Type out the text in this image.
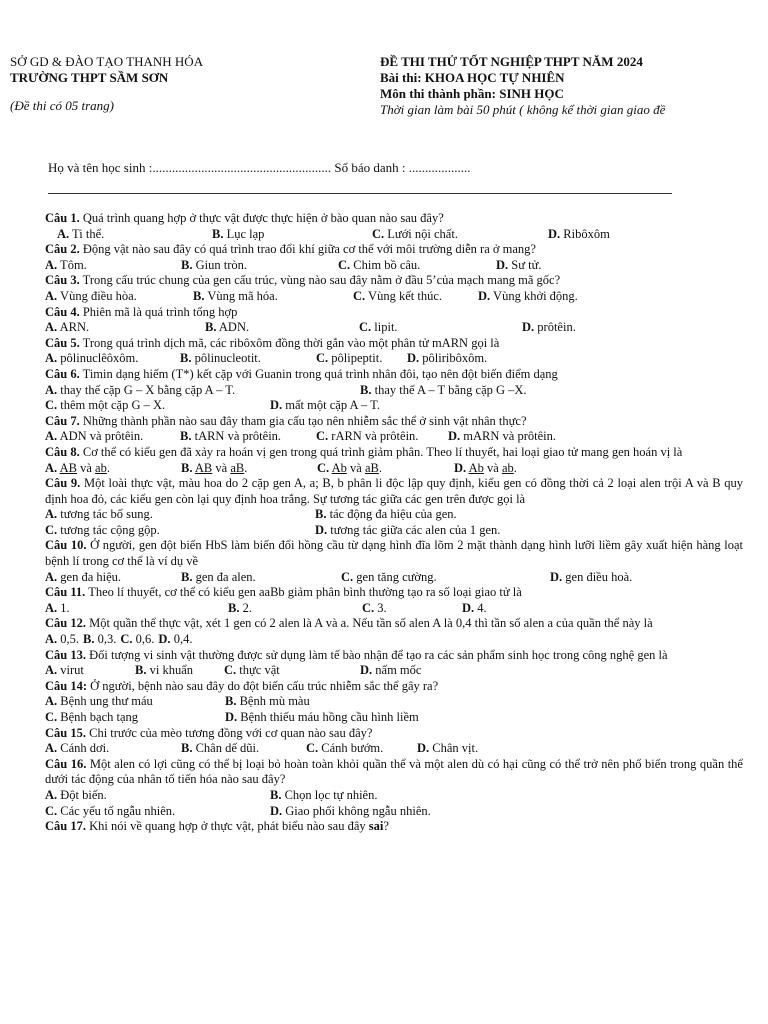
SỞ GD & ĐÀO TẠO THANH HÓA
TRƯỜNG THPT SẦM SƠN
(Đề thi có 05 trang)
ĐỀ THI THỬ TỐT NGHIỆP THPT NĂM 2024
Bài thi: KHOA HỌC TỰ NHIÊN
Môn thi thành phần: SINH HỌC
Thời gian làm bài 50 phút ( không kể thời gian giao đề
Họ và tên học sinh :....................................................... Số báo danh : ...................
Câu 1. Quá trình quang hợp ở thực vật được thực hiện ở bào quan nào sau đây?
A. Ti thể.	B. Lục lạp	C. Lưới nội chất.	D. Ribôxôm
Câu 2. Động vật nào sau đây có quá trình trao đổi khí giữa cơ thể với môi trường diễn ra ở mang?
A. Tôm.	B. Giun tròn.	C. Chim bồ câu.	D. Sư tử.
Câu 3. Trong cấu trúc chung của gen cấu trúc, vùng nào sau đây nằm ở đầu 5’của mạch mang mã gốc?
A. Vùng điều hòa.	B. Vùng mã hóa.	C. Vùng kết thúc.	D. Vùng khởi động.
Câu 4. Phiên mã là quá trình tổng hợp
A. ARN.	B. ADN.	C. lipit.	D. prôtêin.
Câu 5. Trong quá trình dịch mã, các ribôxôm đồng thời gắn vào một phân tử mARN gọi là
A. pôlinuclêôxôm.	B. pôlinucleotit.	C. pôlipeptit.	D. pôliribôxôm.
Câu 6. Timin dạng hiếm (T*) kết cặp với Guanin trong quá trình nhân đôi, tạo nên đột biến điểm dạng
A. thay thế cặp G – X bằng cặp A – T.	B. thay thế A – T bằng cặp G –X.
C. thêm một cặp G – X.	D. mất một cặp A – T.
Câu 7. Những thành phần nào sau đây tham gia cấu tạo nên nhiễm sắc thể ở sinh vật nhân thực?
A. ADN và prôtêin.	B. tARN và prôtêin.	C. rARN và prôtêin.	D. mARN và prôtêin.
Câu 8. Cơ thể có kiểu gen đã xảy ra hoán vị gen trong quá trình giảm phân. Theo lí thuyết, hai loại giao tử mang gen hoán vị là
A. AB và ab.	B. AB và aB.	C. Ab và aB.	D. Ab và ab.
Câu 9. Một loài thực vật, màu hoa do 2 cặp gen A, a; B, b phân li độc lập quy định, kiểu gen có đồng thời cả 2 loại alen trội A và B quy định hoa đỏ, các kiểu gen còn lại quy định hoa trắng. Sự tương tác giữa các gen trên được gọi là
A. tương tác bổ sung.	B. tác động đa hiệu của gen.
C. tương tác cộng gộp.	D. tương tác giữa các alen của 1 gen.
Câu 10. Ở người, gen đột biến HbS làm biến đổi hồng cầu từ dạng hình đĩa lõm 2 mặt thành dạng hình lưỡi liềm gây xuất hiện hàng loạt bệnh lí trong cơ thể là ví dụ về
A. gen đa hiệu.	B. gen đa alen.	C. gen tăng cường.	D. gen điều hoà.
Câu 11. Theo lí thuyết, cơ thể có kiểu gen aaBb giảm phân bình thường tạo ra số loại giao tử là
A. 1.	B. 2.	C. 3.	D. 4.
Câu 12. Một quần thể thực vật, xét 1 gen có 2 alen là A và a. Nếu tần số alen A là 0,4 thì tần số alen a của quần thể này là
A. 0,5. B. 0,3. C. 0,6. D. 0,4.
Câu 13. Đối tượng vi sinh vật thường được sử dụng làm tế bào nhận để tạo ra các sản phẩm sinh học trong công nghệ gen là
A. virut	B. vi khuẩn	C. thực vật	D. nấm mốc
Câu 14: Ở người, bệnh nào sau đây do đột biến cấu trúc nhiễm sắc thể gây ra?
A. Bệnh ung thư máu	B. Bệnh mù màu
C. Bệnh bạch tạng	D. Bệnh thiếu máu hồng cầu hình liềm
Câu 15. Chi trước của mèo tương đồng với cơ quan nào sau đây?
A. Cánh dơi.	B. Chân dế dũi.	C. Cánh bướm.	D. Chân vịt.
Câu 16. Một alen có lợi cũng có thể bị loại bỏ hoàn toàn khỏi quần thể và một alen dù có hại cũng có thể trở nên phổ biến trong quần thể dưới tác động của nhân tố tiến hóa nào sau đây?
A. Đột biến.	B. Chọn lọc tự nhiên.
C. Các yếu tố ngẫu nhiên.	D. Giao phối không ngẫu nhiên.
Câu 17. Khi nói về quang hợp ở thực vật, phát biểu nào sau đây sai?
